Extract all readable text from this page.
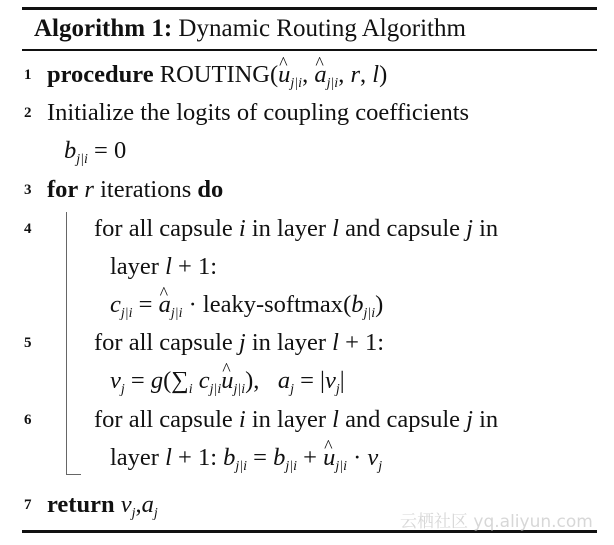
Algorithm 1: Dynamic Routing Algorithm
1 procedure ROUTING(^ $u_{j|i}$, ^ $a_{j|i}$, r, l)
2 Initialize the logits of coupling coefficients
$b_{j|i} = 0$
3 for r iterations do
4	for all capsule i in layer l and capsule j in
layer l + 1:
$c_{j|i}$ = ^ $a_{j|i}$ · leaky-$softmax(b_{j|i})$
5	for all capsule j in layer l + 1:
$v_j = g(\sum_i$ $c_{j|i}\^{}$ $u_{j|i}$),   $a_j = |v_j|$
6	for all capsule i in layer l and capsule j in
layer l + 1: $b_{j|i} = b_{j|i}$ + ^ $u_{j|i} \cdot v_j$
7 return $v_j,a_j$	云栖社区 yq.aliyun.com
